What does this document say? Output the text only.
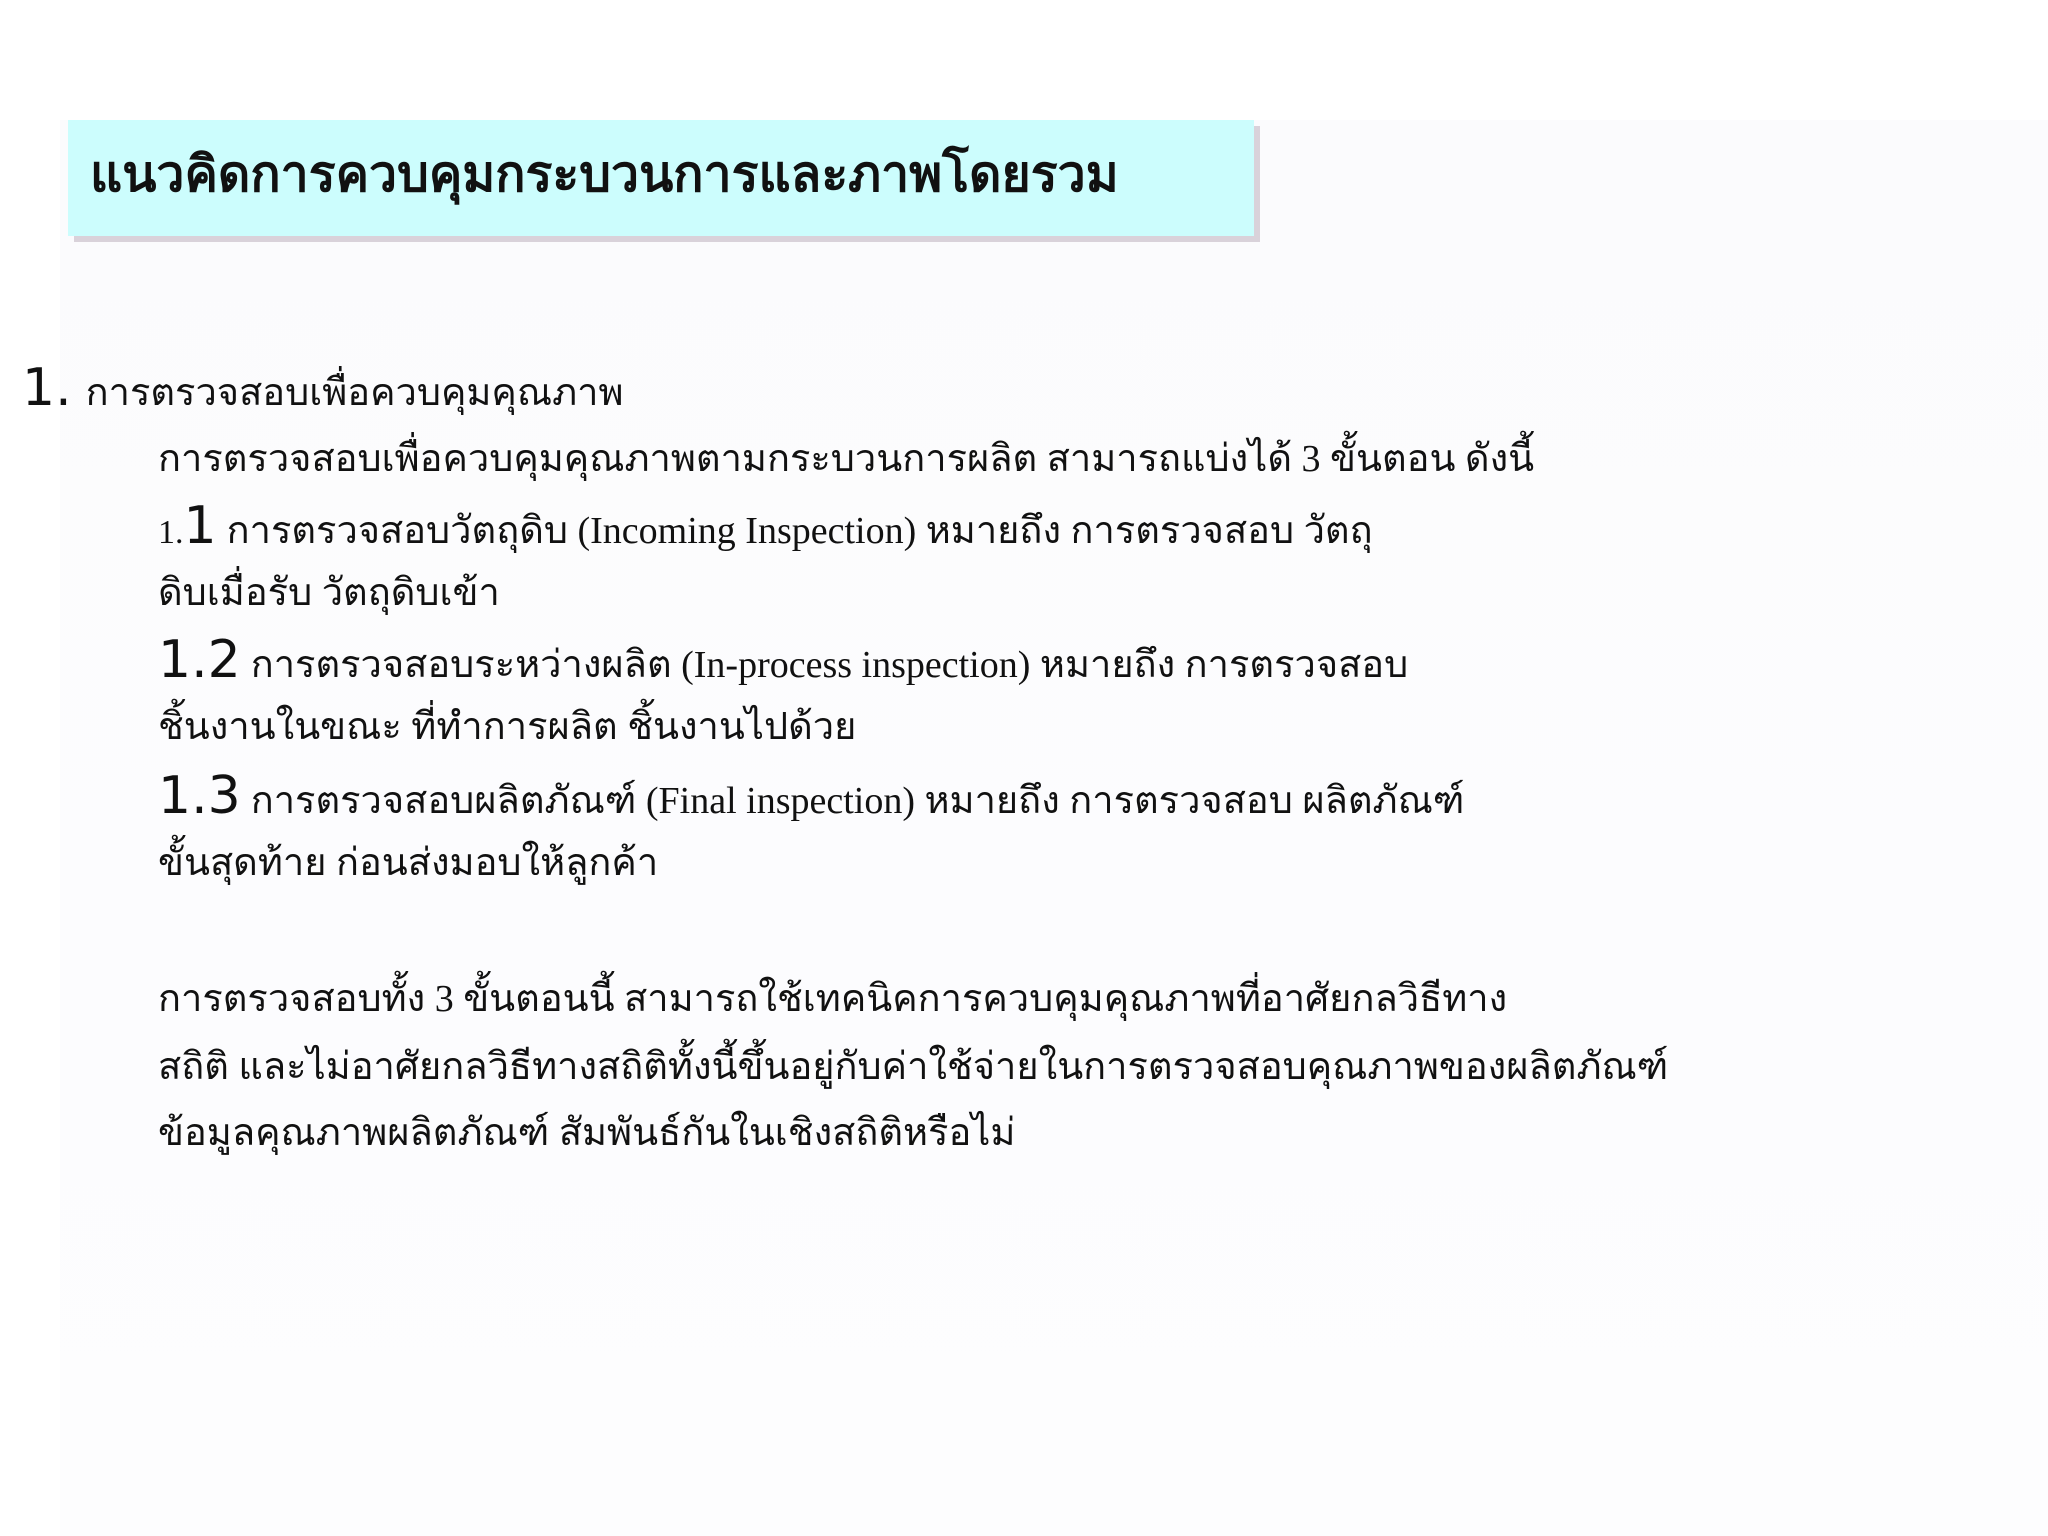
แนวคิดการควบคุมกระบวนการและภาพโดยรวม
1. การตรวจสอบเพื่อควบคุมคุณภาพ
การตรวจสอบเพื่อควบคุมคุณภาพตามกระบวนการผลิต สามารถแบ่งได้ 3 ขั้นตอน ดังนี้
1.1 การตรวจสอบวัตถุดิบ (Incoming Inspection) หมายถึง การตรวจสอบ วัตถุ
ดิบเมื่อรับ วัตถุดิบเข้า
1.2 การตรวจสอบระหว่างผลิต (In-process inspection) หมายถึง การตรวจสอบ
ชิ้นงานในขณะ ที่ทำการผลิต ชิ้นงานไปด้วย
1.3 การตรวจสอบผลิตภัณฑ์ (Final inspection) หมายถึง การตรวจสอบ ผลิตภัณฑ์
ขั้นสุดท้าย ก่อนส่งมอบให้ลูกค้า
การตรวจสอบทั้ง 3 ขั้นตอนนี้ สามารถใช้เทคนิคการควบคุมคุณภาพที่อาศัยกลวิธีทาง
สถิติ และไม่อาศัยกลวิธีทางสถิติทั้งนี้ขึ้นอยู่กับค่าใช้จ่ายในการตรวจสอบคุณภาพของผลิตภัณฑ์
ข้อมูลคุณภาพผลิตภัณฑ์ สัมพันธ์กันในเชิงสถิติหรือไม่
